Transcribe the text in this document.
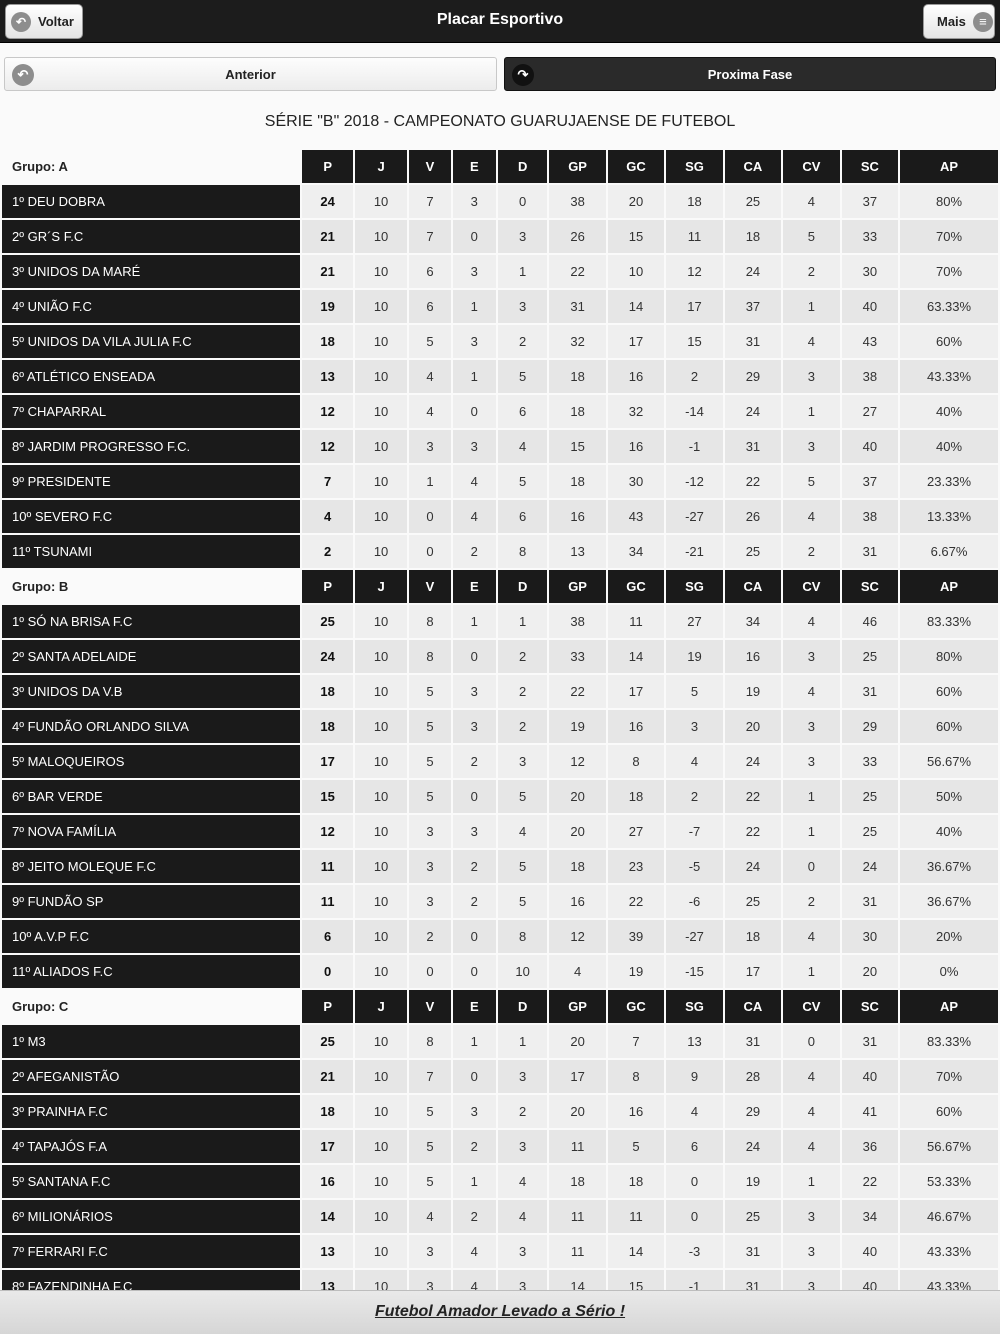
↶ Voltar	Placar Esportivo	Mais	≡
↶	Anterior	↷	Proxima Fase
SÉRIE "B" 2018 - CAMPEONATO GUARUJAENSE DE FUTEBOL
Grupo: A	P	J	V	E	D	GP	GC	SG	CA	CV	SC	AP
1º DEU DOBRA	24	10	7	3	0	38	20	18	25	4	37	80%
2º GR´S F.C	21	10	7	0	3	26	15	11	18	5	33	70%
3º UNIDOS DA MARÉ	21	10	6	3	1	22	10	12	24	2	30	70%
4º UNIÃO F.C	19	10	6	1	3	31	14	17	37	1	40	63.33%
5º UNIDOS DA VILA JULIA F.C	18	10	5	3	2	32	17	15	31	4	43	60%
6º ATLÉTICO ENSEADA	13	10	4	1	5	18	16	2	29	3	38	43.33%
7º CHAPARRAL	12	10	4	0	6	18	32	-14	24	1	27	40%
8º JARDIM PROGRESSO F.C.	12	10	3	3	4	15	16	-1	31	3	40	40%
9º PRESIDENTE	7	10	1	4	5	18	30	-12	22	5	37	23.33%
10º SEVERO F.C	4	10	0	4	6	16	43	-27	26	4	38	13.33%
11º TSUNAMI	2	10	0	2	8	13	34	-21	25	2	31	6.67%
Grupo: B	P	J	V	E	D	GP	GC	SG	CA	CV	SC	AP
1º SÓ NA BRISA F.C	25	10	8	1	1	38	11	27	34	4	46	83.33%
2º SANTA ADELAIDE	24	10	8	0	2	33	14	19	16	3	25	80%
3º UNIDOS DA V.B	18	10	5	3	2	22	17	5	19	4	31	60%
4º FUNDÃO ORLANDO SILVA	18	10	5	3	2	19	16	3	20	3	29	60%
5º MALOQUEIROS	17	10	5	2	3	12	8	4	24	3	33	56.67%
6º BAR VERDE	15	10	5	0	5	20	18	2	22	1	25	50%
7º NOVA FAMÍLIA	12	10	3	3	4	20	27	-7	22	1	25	40%
8º JEITO MOLEQUE F.C	11	10	3	2	5	18	23	-5	24	0	24	36.67%
9º FUNDÃO SP	11	10	3	2	5	16	22	-6	25	2	31	36.67%
10º A.V.P F.C	6	10	2	0	8	12	39	-27	18	4	30	20%
11º ALIADOS F.C	0	10	0	0	10	4	19	-15	17	1	20	0%
Grupo: C	P	J	V	E	D	GP	GC	SG	CA	CV	SC	AP
1º M3	25	10	8	1	1	20	7	13	31	0	31	83.33%
2º AFEGANISTÃO	21	10	7	0	3	17	8	9	28	4	40	70%
3º PRAINHA F.C	18	10	5	3	2	20	16	4	29	4	41	60%
4º TAPAJÓS F.A	17	10	5	2	3	11	5	6	24	4	36	56.67%
5º SANTANA F.C	16	10	5	1	4	18	18	0	19	1	22	53.33%
6º MILIONÁRIOS	14	10	4	2	4	11	11	0	25	3	34	46.67%
7º FERRARI F.C	13	10	3	4	3	11	14	-3	31	3	40	43.33%
8º FAZENDINHA F.C	13	10	3	4	3	14	15	-1	31	3	40	43.33%
Futebol Amador Levado a Sério !
